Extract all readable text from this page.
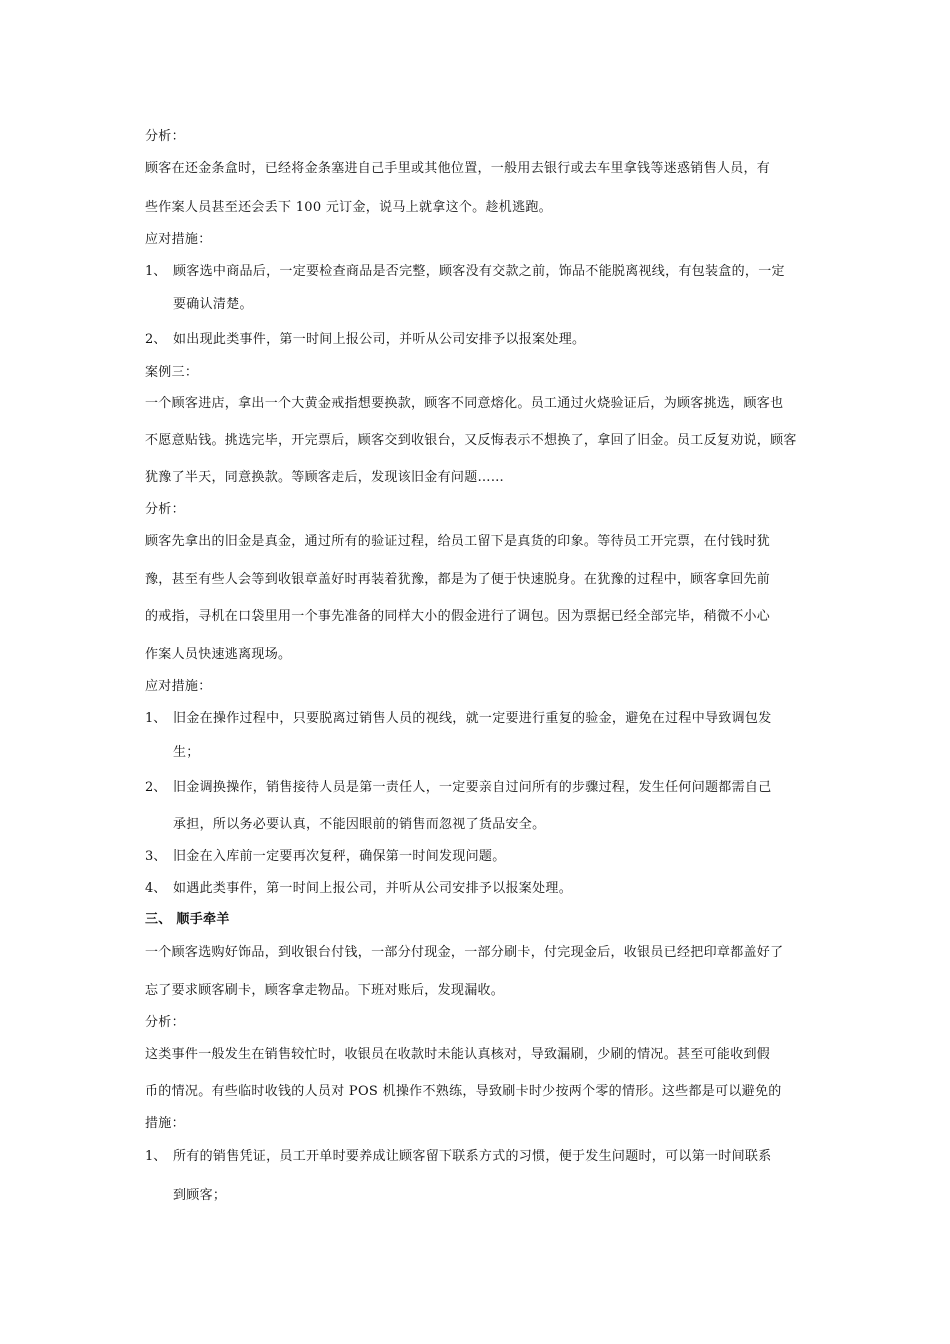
分析：
顾客在还金条盒时，已经将金条塞进自己手里或其他位置，一般用去银行或去车里拿钱等迷惑销售人员，有
些作案人员甚至还会丢下 100 元订金，说马上就拿这个。趁机逃跑。
应对措施：
1、 顾客选中商品后，一定要检查商品是否完整，顾客没有交款之前，饰品不能脱离视线，有包装盒的，一定
要确认清楚。
2、 如出现此类事件，第一时间上报公司，并听从公司安排予以报案处理。
案例三：
一个顾客进店，拿出一个大黄金戒指想要换款，顾客不同意熔化。员工通过火烧验证后，为顾客挑选，顾客也
不愿意贴钱。挑选完毕，开完票后，顾客交到收银台，又反悔表示不想换了，拿回了旧金。员工反复劝说，顾客
犹豫了半天，同意换款。等顾客走后，发现该旧金有问题……
分析：
顾客先拿出的旧金是真金，通过所有的验证过程，给员工留下是真货的印象。等待员工开完票，在付钱时犹
豫，甚至有些人会等到收银章盖好时再装着犹豫，都是为了便于快速脱身。在犹豫的过程中，顾客拿回先前
的戒指，寻机在口袋里用一个事先准备的同样大小的假金进行了调包。因为票据已经全部完毕，稍微不小心
作案人员快速逃离现场。
应对措施：
1、 旧金在操作过程中，只要脱离过销售人员的视线，就一定要进行重复的验金，避免在过程中导致调包发
生；
2、 旧金调换操作，销售接待人员是第一责任人，一定要亲自过问所有的步骤过程，发生任何问题都需自己
承担，所以务必要认真，不能因眼前的销售而忽视了货品安全。
3、 旧金在入库前一定要再次复秤，确保第一时间发现问题。
4、 如遇此类事件，第一时间上报公司，并听从公司安排予以报案处理。
三、 顺手牵羊
一个顾客选购好饰品，到收银台付钱，一部分付现金，一部分刷卡，付完现金后，收银员已经把印章都盖好了
忘了要求顾客刷卡，顾客拿走物品。下班对账后，发现漏收。
分析：
这类事件一般发生在销售较忙时，收银员在收款时未能认真核对，导致漏刷，少刷的情况。甚至可能收到假
币的情况。有些临时收钱的人员对 POS 机操作不熟练，导致刷卡时少按两个零的情形。这些都是可以避免的
措施：
1、 所有的销售凭证，员工开单时要养成让顾客留下联系方式的习惯，便于发生问题时，可以第一时间联系
到顾客；
